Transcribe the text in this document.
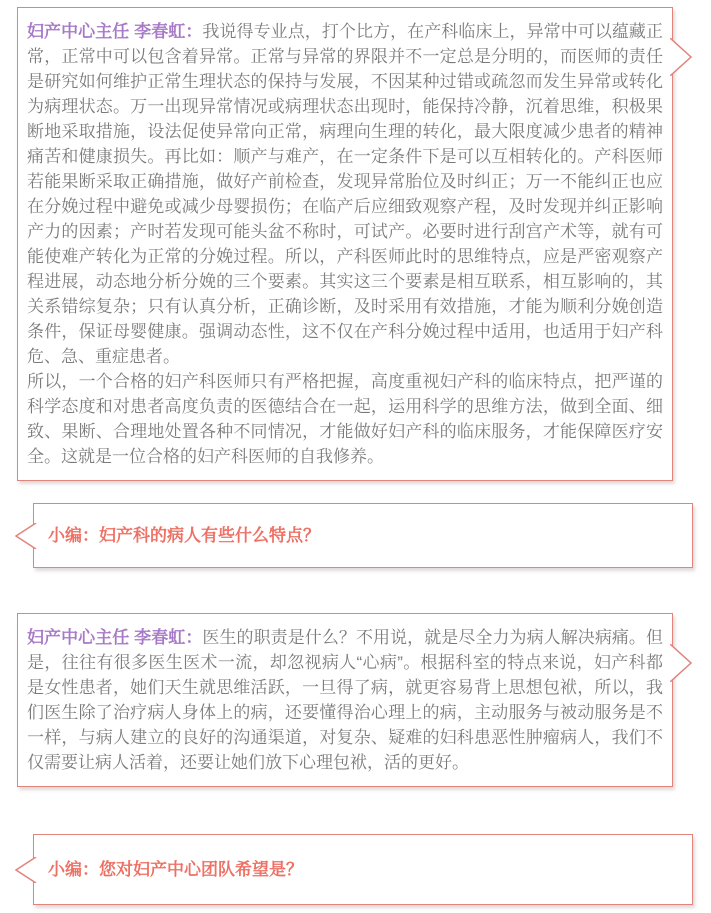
妇产中心主任 李春虹：我说得专业点，打个比方，在产科临床上，异常中可以蕴藏正常，正常中可以包含着异常。正常与异常的界限并不一定总是分明的，而医师的责任是研究如何维护正常生理状态的保持与发展，不因某种过错或疏忽而发生异常或转化为病理状态。万一出现异常情况或病理状态出现时，能保持冷静，沉着思维，积极果断地采取措施，设法促使异常向正常，病理向生理的转化，最大限度减少患者的精神痛苦和健康损失。再比如：顺产与难产，在一定条件下是可以互相转化的。产科医师若能果断采取正确措施，做好产前检查，发现异常胎位及时纠正；万一不能纠正也应在分娩过程中避免或减少母婴损伤；在临产后应细致观察产程，及时发现并纠正影响产力的因素；产时若发现可能头盆不称时，可试产。必要时进行刮宫产术等，就有可能使难产转化为正常的分娩过程。所以，产科医师此时的思维特点，应是严密观察产程进展，动态地分析分娩的三个要素。其实这三个要素是相互联系，相互影响的，其关系错综复杂；只有认真分析，正确诊断，及时采用有效措施，才能为顺利分娩创造条件，保证母婴健康。强调动态性，这不仅在产科分娩过程中适用，也适用于妇产科危、急、重症患者。

所以，一个合格的妇产科医师只有严格把握，高度重视妇产科的临床特点，把严谨的科学态度和对患者高度负责的医德结合在一起，运用科学的思维方法，做到全面、细致、果断、合理地处置各种不同情况，才能做好妇产科的临床服务，才能保障医疗安全。这就是一位合格的妇产科医师的自我修养。

小编：妇产科的病人有些什么特点？

妇产中心主任 李春虹：医生的职责是什么？不用说，就是尽全力为病人解决病痛。但是，往往有很多医生医术一流，却忽视病人“心病”。根据科室的特点来说，妇产科都是女性患者，她们天生就思维活跃，一旦得了病，就更容易背上思想包袱，所以，我们医生除了治疗病人身体上的病，还要懂得治心理上的病，主动服务与被动服务是不一样，与病人建立的良好的沟通渠道，对复杂、疑难的妇科患恶性肿瘤病人，我们不仅需要让病人活着，还要让她们放下心理包袱，活的更好。

小编：您对妇产中心团队希望是？
